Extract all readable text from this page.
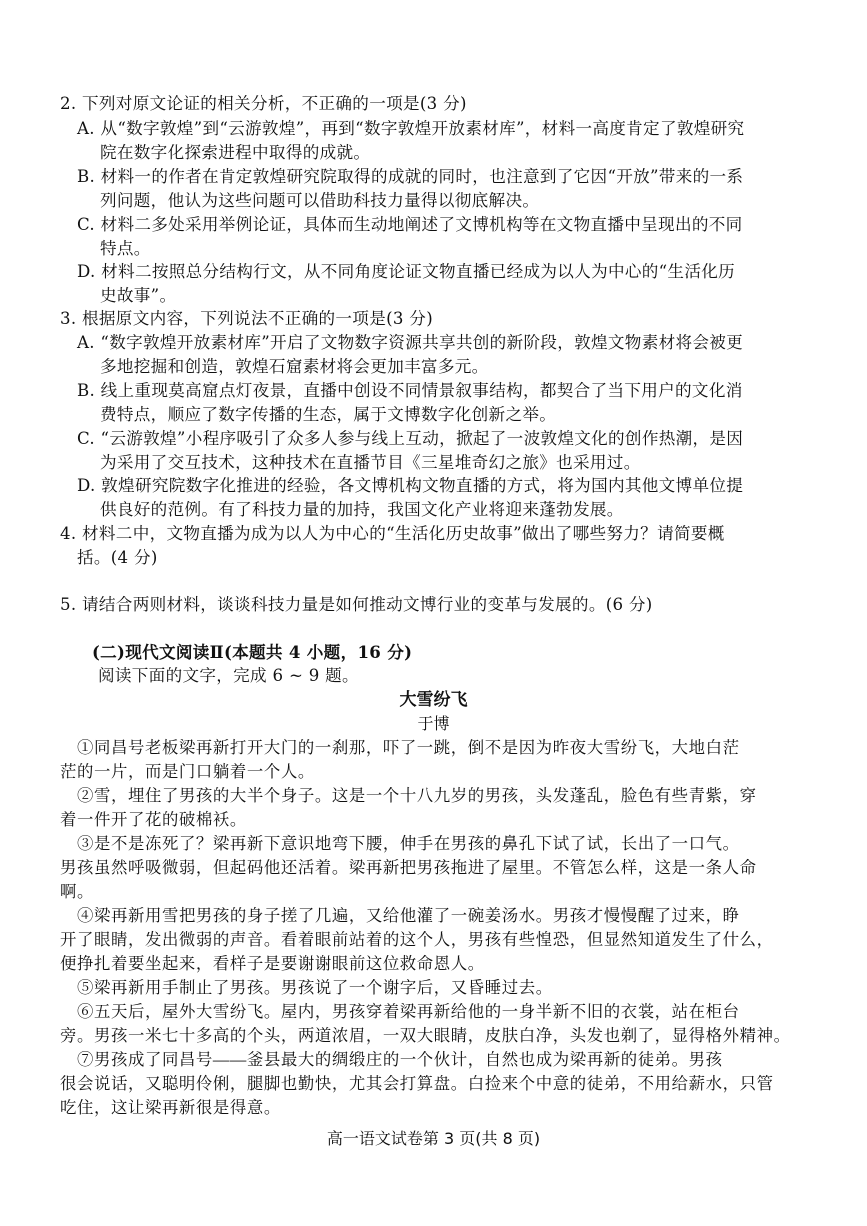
2. 下列对原文论证的相关分析，不正确的一项是(3 分)
A. 从“数字敦煌”到“云游敦煌”，再到“数字敦煌开放素材库”，材料一高度肯定了敦煌研究
院在数字化探索进程中取得的成就。
B. 材料一的作者在肯定敦煌研究院取得的成就的同时，也注意到了它因“开放”带来的一系
列问题，他认为这些问题可以借助科技力量得以彻底解决。
C. 材料二多处采用举例论证，具体而生动地阐述了文博机构等在文物直播中呈现出的不同
特点。
D. 材料二按照总分结构行文，从不同角度论证文物直播已经成为以人为中心的“生活化历
史故事”。
3. 根据原文内容，下列说法不正确的一项是(3 分)
A. “数字敦煌开放素材库”开启了文物数字资源共享共创的新阶段，敦煌文物素材将会被更
多地挖掘和创造，敦煌石窟素材将会更加丰富多元。
B. 线上重现莫高窟点灯夜景，直播中创设不同情景叙事结构，都契合了当下用户的文化消
费特点，顺应了数字传播的生态，属于文博数字化创新之举。
C. “云游敦煌”小程序吸引了众多人参与线上互动，掀起了一波敦煌文化的创作热潮，是因
为采用了交互技术，这种技术在直播节目《三星堆奇幻之旅》也采用过。
D. 敦煌研究院数字化推进的经验，各文博机构文物直播的方式，将为国内其他文博单位提
供良好的范例。有了科技力量的加持，我国文化产业将迎来蓬勃发展。
4. 材料二中，文物直播为成为以人为中心的“生活化历史故事”做出了哪些努力？请简要概
括。(4 分)
5. 请结合两则材料，谈谈科技力量是如何推动文博行业的变革与发展的。(6 分)
(二)现代文阅读Ⅱ(本题共 4 小题，16 分)
阅读下面的文字，完成 6 ~ 9 题。
大雪纷飞
于博
①同昌号老板梁再新打开大门的一刹那，吓了一跳，倒不是因为昨夜大雪纷飞，大地白茫
茫的一片，而是门口躺着一个人。
②雪，埋住了男孩的大半个身子。这是一个十八九岁的男孩，头发蓬乱，脸色有些青紫，穿
着一件开了花的破棉袄。
③是不是冻死了？梁再新下意识地弯下腰，伸手在男孩的鼻孔下试了试，长出了一口气。
男孩虽然呼吸微弱，但起码他还活着。梁再新把男孩拖进了屋里。不管怎么样，这是一条人命
啊。
④梁再新用雪把男孩的身子搓了几遍，又给他灌了一碗姜汤水。男孩才慢慢醒了过来，睁
开了眼睛，发出微弱的声音。看着眼前站着的这个人，男孩有些惶恐，但显然知道发生了什么，
便挣扎着要坐起来，看样子是要谢谢眼前这位救命恩人。
⑤梁再新用手制止了男孩。男孩说了一个谢字后，又昏睡过去。
⑥五天后，屋外大雪纷飞。屋内，男孩穿着梁再新给他的一身半新不旧的衣裳，站在柜台
旁。男孩一米七十多高的个头，两道浓眉，一双大眼睛，皮肤白净，头发也剃了，显得格外精神。
⑦男孩成了同昌号——釜县最大的绸缎庄的一个伙计，自然也成为梁再新的徒弟。男孩
很会说话，又聪明伶俐，腿脚也勤快，尤其会打算盘。白捡来个中意的徒弟，不用给薪水，只管
吃住，这让梁再新很是得意。
高一语文试卷第 3 页(共 8 页)
